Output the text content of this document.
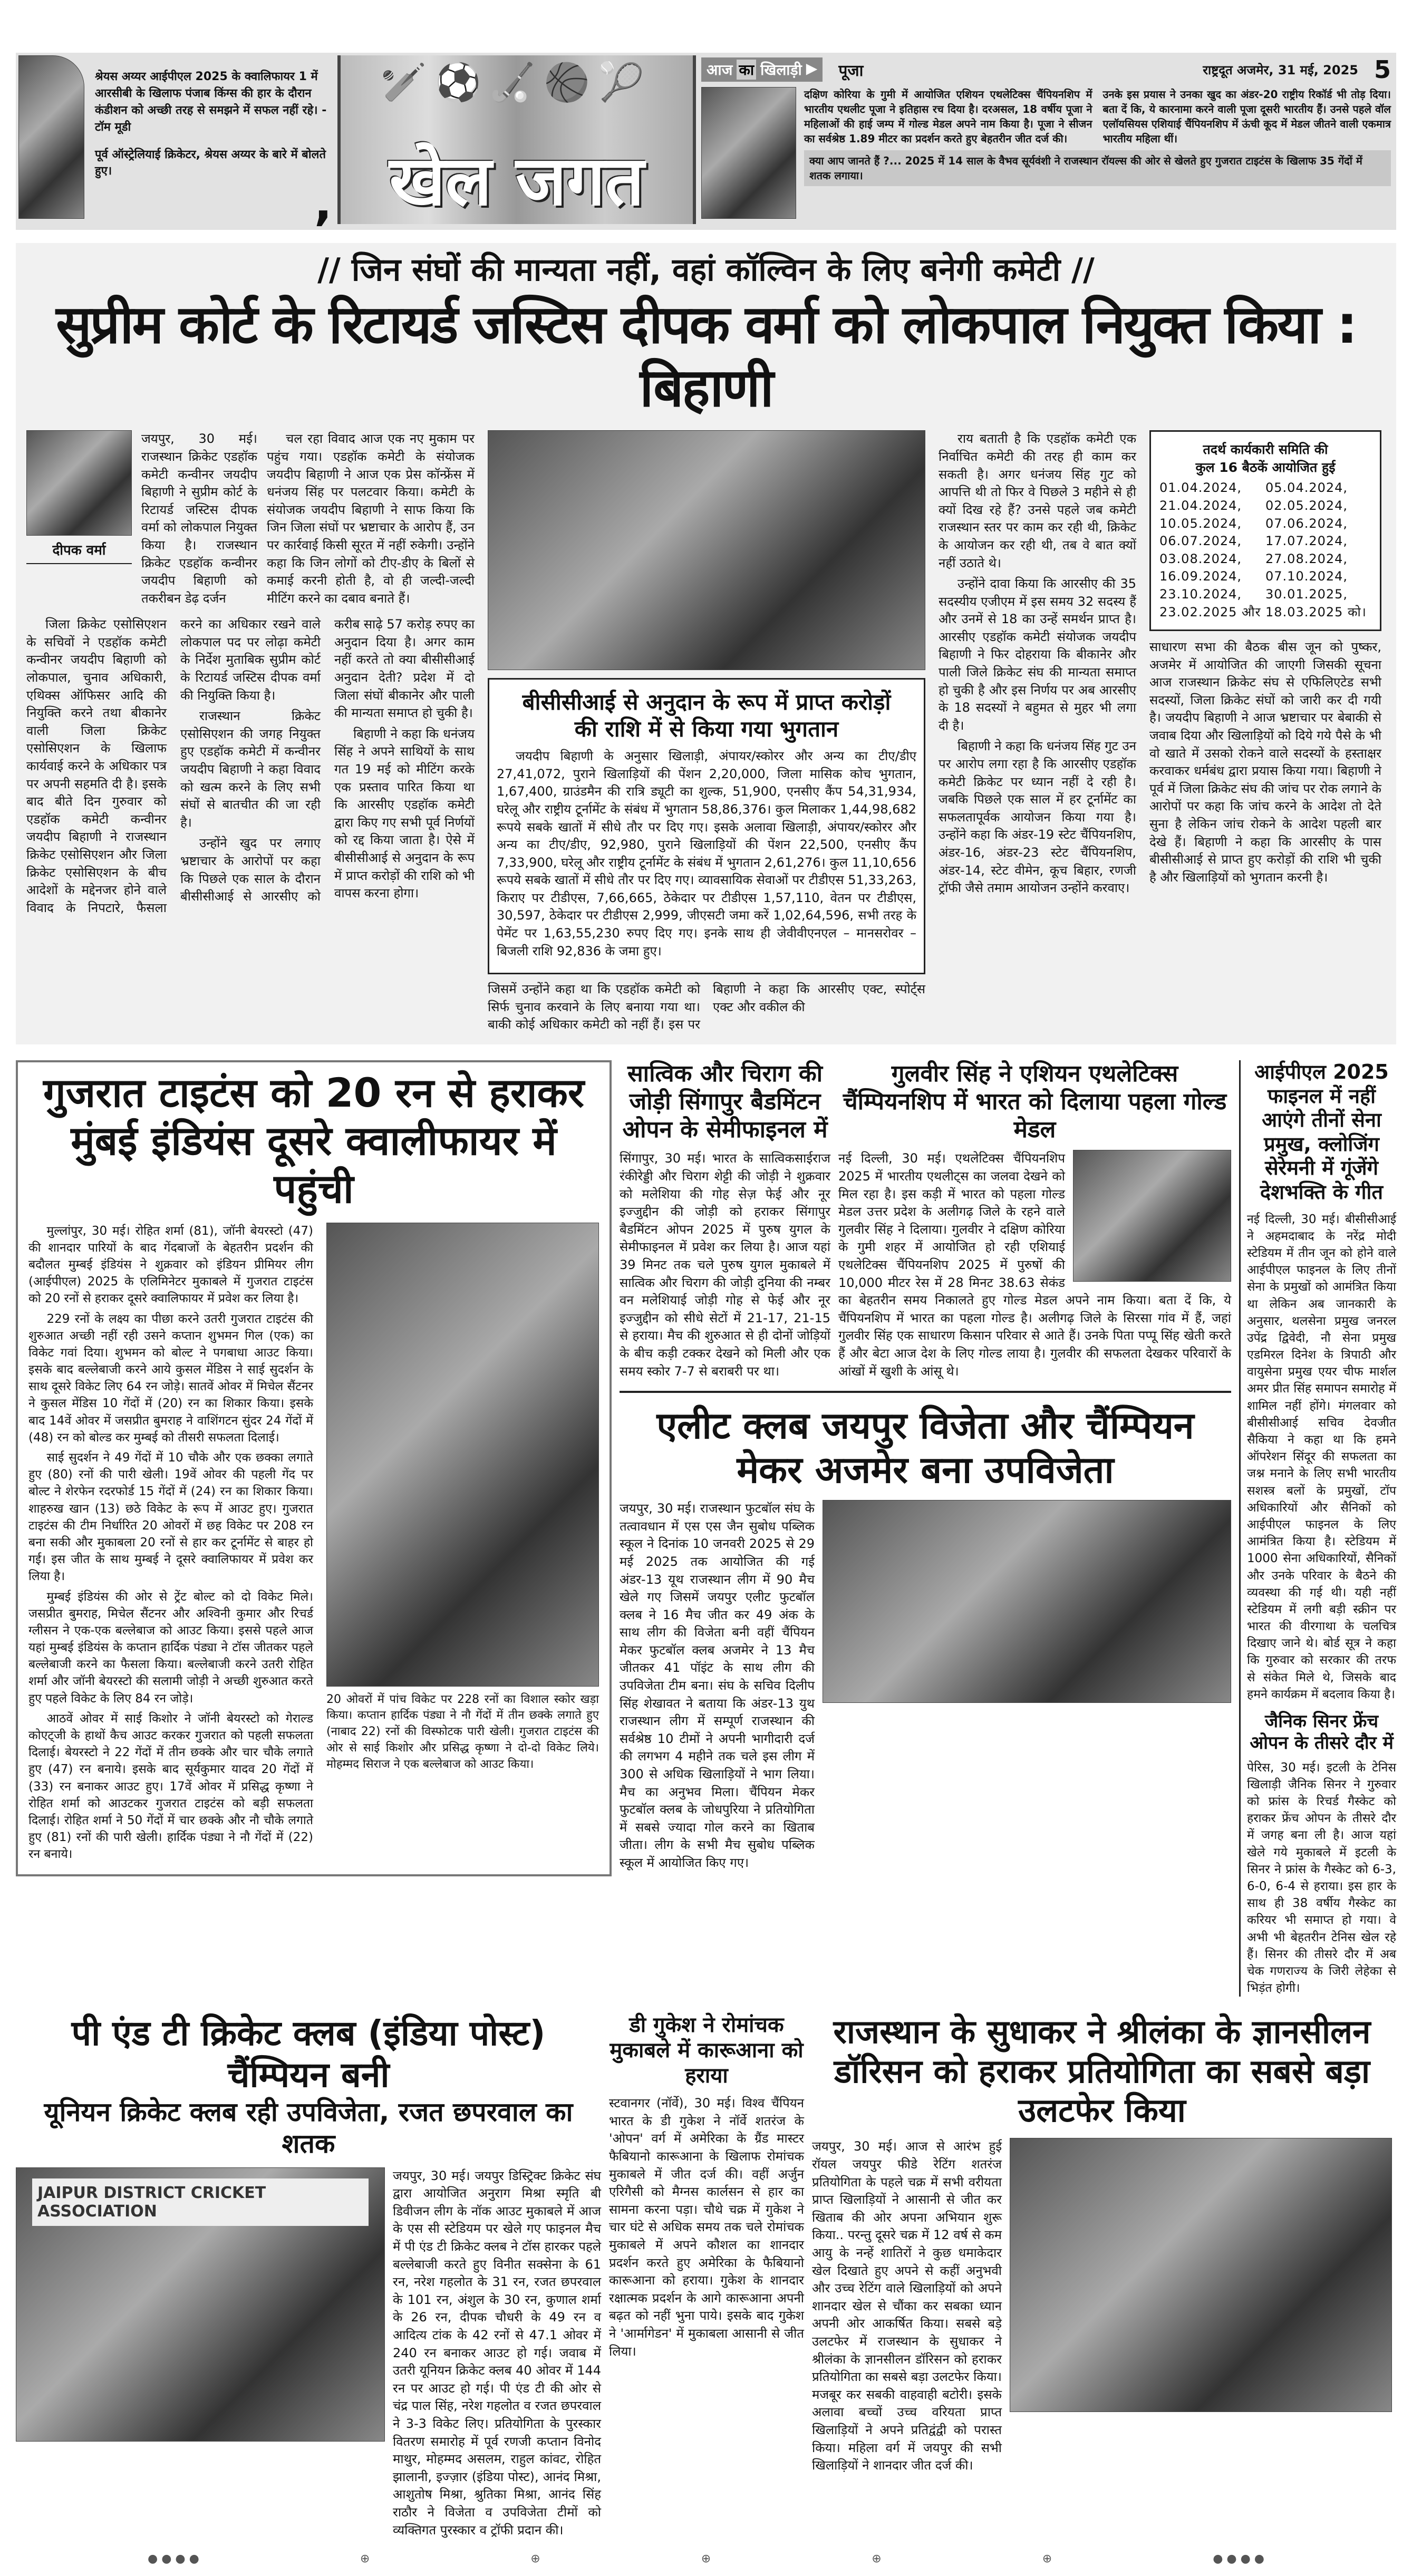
श्रेयस अय्यर आईपीएल 2025 के क्वालिफायर 1 में आरसीबी के खिलाफ पंजाब किंग्स की हार के दौरान कंडीशन को अच्छी तरह से समझने में सफल नहीं रहे। - टॉम मूडी
पूर्व ऑस्ट्रेलियाई क्रिकेटर, श्रेयस अय्यर के बारे में बोलते हुए।
,
🏏⚽🏑🏀🎾
खेल जगत
आज का खिलाड़ी ▶ पूजा	राष्ट्रदूत अजमेर, 31 मई, 2025 5
दक्षिण कोरिया के गुमी में आयोजित एशियन एथलेटिक्स चैंपियनशिप में भारतीय एथलीट पूजा ने इतिहास रच दिया है। दरअसल, 18 वर्षीय पूजा ने महिलाओं की हाई जम्प में गोल्ड मेडल अपने नाम किया है। पूजा ने सीजन का सर्वश्रेष्ठ 1.89 मीटर का प्रदर्शन करते हुए बेहतरीन जीत दर्ज की।
उनके इस प्रयास ने उनका खुद का अंडर-20 राष्ट्रीय रिकॉर्ड भी तोड़ दिया। बता दें कि, ये कारनामा करने वाली पूजा दूसरी भारतीय हैं। उनसे पहले वॉल एलॉयसियस एशियाई चैंपियनशिप में ऊंची कूद में मेडल जीतने वाली एकमात्र भारतीय महिला थीं।
क्या आप जानते हैं ?... 2025 में 14 साल के वैभव सूर्यवंशी ने राजस्थान रॉयल्स की ओर से खेलते हुए गुजरात टाइटंस के खिलाफ 35 गेंदों में शतक लगाया।
// जिन संघों की मान्यता नहीं, वहां कॉल्विन के लिए बनेगी कमेटी //
सुप्रीम कोर्ट के रिटायर्ड जस्टिस दीपक वर्मा को लोकपाल नियुक्त किया : बिहाणी
दीपक वर्मा
जयपुर, 30 मई। राजस्थान क्रिकेट एडहॉक कमेटी कन्वीनर जयदीप बिहाणी ने सुप्रीम कोर्ट के रिटायर्ड जस्टिस दीपक वर्मा को लोकपाल नियुक्त किया है। राजस्थान क्रिकेट एडहॉक कन्वीनर जयदीप बिहाणी को तकरीबन डेढ़ दर्जन

चल रहा विवाद आज एक नए मुकाम पर पहुंच गया। एडहॉक कमेटी के संयोजक जयदीप बिहाणी ने आज एक प्रेस कॉन्फ्रेंस में धनंजय सिंह पर पलटवार किया। कमेटी के संयोजक जयदीप बिहाणी ने साफ किया कि जिन जिला संघों पर भ्रष्टाचार के आरोप हैं, उन पर कार्रवाई किसी सूरत में नहीं रुकेगी। उन्होंने कहा कि जिन लोगों को टीए-डीए के बिलों से कमाई करनी होती है, वो ही जल्दी-जल्दी मीटिंग करने का दबाव बनाते हैं।

जिला क्रिकेट एसोसिएशन के सचिवों ने एडहॉक कमेटी कन्वीनर जयदीप बिहाणी को लोकपाल, चुनाव अधिकारी, एथिक्स ऑफिसर आदि की नियुक्ति करने तथा बीकानेर वाली जिला क्रिकेट एसोसिएशन के खिलाफ कार्यवाई करने के अधिकार पत्र पर अपनी सहमति दी है। इसके बाद बीते दिन गुरुवार को एडहॉक कमेटी कन्वीनर जयदीप बिहाणी ने राजस्थान क्रिकेट एसोसिएशन और जिला क्रिकेट एसोसिएशन के बीच आदेशों के मद्देनजर होने वाले विवाद के निपटारे, फैसला करने का अधिकार रखने वाले लोकपाल पद पर लोढ़ा कमेटी के निर्देश मुताबिक सुप्रीम कोर्ट के रिटायर्ड जस्टिस दीपक वर्मा की नियुक्ति किया है।

राजस्थान क्रिकेट एसोसिएशन की जगह नियुक्त हुए एडहॉक कमेटी में कन्वीनर जयदीप बिहाणी ने कहा विवाद को खत्म करने के लिए सभी संघों से बातचीत की जा रही है।

उन्होंने खुद पर लगाए भ्रष्टाचार के आरोपों पर कहा कि पिछले एक साल के दौरान बीसीसीआई से आरसीए को करीब साढ़े 57 करोड़ रुपए का अनुदान दिया है। अगर काम नहीं करते तो क्या बीसीसीआई अनुदान देती? प्रदेश में दो जिला संघों बीकानेर और पाली की मान्यता समाप्त हो चुकी है।

बिहाणी ने कहा कि धनंजय सिंह ने अपने साथियों के साथ गत 19 मई को मीटिंग करके एक प्रस्ताव पारित किया था कि आरसीए एडहॉक कमेटी द्वारा किए गए सभी पूर्व निर्णयों को रद्द किया जाता है। ऐसे में बीसीसीआई से अनुदान के रूप में प्राप्त करोड़ों की राशि को भी वापस करना होगा।

बीसीसीआई से अनुदान के रूप में प्राप्त करोड़ों की राशि में से किया गया भुगतान

जयदीप बिहाणी के अनुसार खिलाड़ी, अंपायर/स्कोरर और अन्य का टीए/डीए 27,41,072, पुराने खिलाड़ियों की पेंशन 2,20,000, जिला मासिक कोच भुगतान, 1,67,400, ग्राउंडमैन की रात्रि ड्यूटी का शुल्क, 51,900, एनसीए कैंप 54,31,934, घरेलू और राष्ट्रीय टूर्नामेंट के संबंध में भुगतान 58,86,376। कुल मिलाकर 1,44,98,682 रूपये सबके खातों में सीधे तौर पर दिए गए। इसके अलावा खिलाड़ी, अंपायर/स्कोरर और अन्य का टीए/डीए, 92,980, पुराने खिलाड़ियों की पेंशन 22,500, एनसीए कैंप 7,33,900, घरेलू और राष्ट्रीय टूर्नामेंट के संबंध में भुगतान 2,61,276। कुल 11,10,656 रूपये सबके खातों में सीधे तौर पर दिए गए। व्यावसायिक सेवाओं पर टीडीएस 51,33,263, किराए पर टीडीएस, 7,66,665, ठेकेदार पर टीडीएस 1,57,110, वेतन पर टीडीएस, 30,597, ठेकेदार पर टीडीएस 2,999, जीएसटी जमा करें 1,02,64,596, सभी तरह के पेमेंट पर 1,63,55,230 रुपए दिए गए। इनके साथ ही जेवीवीएनएल – मानसरोवर – बिजली राशि 92,836 के जमा हुए।

जिसमें उन्होंने कहा था कि एडहॉक कमेटी को सिर्फ चुनाव करवाने के लिए बनाया गया था। बाकी कोई अधिकार कमेटी को नहीं हैं। इस पर बिहाणी ने कहा कि आरसीए एक्ट, स्पोर्ट्स एक्ट और वकील की

राय बताती है कि एडहॉक कमेटी एक निर्वाचित कमेटी की तरह ही काम कर सकती है। अगर धनंजय सिंह गुट को आपत्ति थी तो फिर वे पिछले 3 महीने से ही क्यों दिख रहे हैं? उनसे पहले जब कमेटी राजस्थान स्तर पर काम कर रही थी, क्रिकेट के आयोजन कर रही थी, तब वे बात क्यों नहीं उठाते थे।

उन्होंने दावा किया कि आरसीए की 35 सदस्यीय एजीएम में इस समय 32 सदस्य हैं और उनमें से 18 का उन्हें समर्थन प्राप्त है। आरसीए एडहॉक कमेटी संयोजक जयदीप बिहाणी ने फिर दोहराया कि बीकानेर और पाली जिले क्रिकेट संघ की मान्यता समाप्त हो चुकी है और इस निर्णय पर अब आरसीए के 18 सदस्यों ने बहुमत से मुहर भी लगा दी है।

बिहाणी ने कहा कि धनंजय सिंह गुट उन पर आरोप लगा रहा है कि आरसीए एडहॉक कमेटी क्रिकेट पर ध्यान नहीं दे रही है। जबकि पिछले एक साल में हर टूर्नामेंट का सफलतापूर्वक आयोजन किया गया है। उन्होंने कहा कि अंडर-19 स्टेट चैंपियनशिप, अंडर-16, अंडर-23 स्टेट चैंपियनशिप, अंडर-14, स्टेट वीमेन, कूच बिहार, रणजी ट्रॉफी जैसे तमाम आयोजन उन्होंने करवाए।

तदर्थ कार्यकारी समिति की
कुल 16 बैठकें आयोजित हुई
01.04.2024,	05.04.2024,
21.04.2024,	02.05.2024,
10.05.2024,	07.06.2024,
06.07.2024,	17.07.2024,
03.08.2024,	27.08.2024,
16.09.2024,	07.10.2024,
23.10.2024,	30.01.2025,
23.02.2025 और 18.03.2025 को।
साधारण सभा की बैठक बीस जून को पुष्कर, अजमेर में आयोजित की जाएगी जिसकी सूचना आज राजस्थान क्रिकेट संघ से एफिलिएटेड सभी सदस्यों, जिला क्रिकेट संघों को जारी कर दी गयी है। जयदीप बिहाणी ने आज भ्रष्टाचार पर बेबाकी से जवाब दिया और खिलाड़ियों को दिये गये पैसे के भी वो खाते में उसको रोकने वाले सदस्यों के हस्ताक्षर करवाकर धर्मबंध द्वारा प्रयास किया गया। बिहाणी ने पूर्व में जिला क्रिकेट संघ की जांच पर रोक लगाने के आरोपों पर कहा कि जांच करने के आदेश तो देते सुना है लेकिन जांच रोकने के आदेश पहली बार देखे हैं। बिहाणी ने कहा कि आरसीए के पास बीसीसीआई से प्राप्त हुए करोड़ों की राशि भी चुकी है और खिलाड़ियों को भुगतान करनी है।
गुजरात टाइटंस को 20 रन से हराकर मुंबई इंडियंस दूसरे क्वालीफायर में पहुंची

मुल्लांपुर, 30 मई। रोहित शर्मा (81), जॉनी बेयरस्टो (47) की शानदार पारियों के बाद गेंदबाजों के बेहतरीन प्रदर्शन की बदौलत मुम्बई इंडियंस ने शुक्रवार को इंडियन प्रीमियर लीग (आईपीएल) 2025 के एलिमिनेटर मुकाबले में गुजरात टाइटंस को 20 रनों से हराकर दूसरे क्वालिफायर में प्रवेश कर लिया है।

229 रनों के लक्ष्य का पीछा करने उतरी गुजरात टाइटंस की शुरुआत अच्छी नहीं रही उसने कप्तान शुभमन गिल (एक) का विकेट गवां दिया। शुभमन को बोल्ट ने पगबाधा आउट किया। इसके बाद बल्लेबाजी करने आये कुसल मेंडिस ने साई सुदर्शन के साथ दूसरे विकेट लिए 64 रन जोड़े। सातवें ओवर में मिचेल सैंटनर ने कुसल मेंडिस 10 गेंदों में (20) रन का शिकार किया। इसके बाद 14वें ओवर में जसप्रीत बुमराह ने वाशिंगटन सुंदर 24 गेंदों में (48) रन को बोल्ड कर मुम्बई को तीसरी सफलता दिलाई।

साई सुदर्शन ने 49 गेंदों में 10 चौके और एक छक्का लगाते हुए (80) रनों की पारी खेली। 19वें ओवर की पहली गेंद पर बोल्ट ने शेरफेन रदरफोर्ड 15 गेंदों में (24) रन का शिकार किया। शाहरुख खान (13) छठे विकेट के रूप में आउट हुए। गुजरात टाइटंस की टीम निर्धारित 20 ओवरों में छह विकेट पर 208 रन बना सकी और मुकाबला 20 रनों से हार कर टूर्नामेंट से बाहर हो गई। इस जीत के साथ मुम्बई ने दूसरे क्वालिफायर में प्रवेश कर लिया है।

मुम्बई इंडियंस की ओर से ट्रेंट बोल्ट को दो विकेट मिले। जसप्रीत बुमराह, मिचेल सैंटनर और अश्विनी कुमार और रिचर्ड ग्लीसन ने एक-एक बल्लेबाज को आउट किया। इससे पहले आज यहां मुम्बई इंडियंस के कप्तान हार्दिक पंड्या ने टॉस जीतकर पहले बल्लेबाजी करने का फैसला किया। बल्लेबाजी करने उतरी रोहित शर्मा और जॉनी बेयरस्टो की सलामी जोड़ी ने अच्छी शुरुआत करते हुए पहले विकेट के लिए 84 रन जोड़े।

आठवें ओवर में साई किशोर ने जॉनी बेयरस्टो को गेराल्ड कोएट्जी के हाथों कैच आउट करकर गुजरात को पहली सफलता दिलाई। बेयरस्टो ने 22 गेंदों में तीन छक्के और चार चौके लगाते हुए (47) रन बनाये। इसके बाद सूर्यकुमार यादव 20 गेंदों में (33) रन बनाकर आउट हुए। 17वें ओवर में प्रसिद्ध कृष्णा ने रोहित शर्मा को आउटकर गुजरात टाइटंस को बड़ी सफलता दिलाई। रोहित शर्मा ने 50 गेंदों में चार छक्के और नौ चौके लगाते हुए (81) रनों की पारी खेली। हार्दिक पंड्या ने नौ गेंदों में (22) रन बनाये।

20 ओवरों में पांच विकेट पर 228 रनों का विशाल स्कोर खड़ा किया। कप्तान हार्दिक पंड्या ने नौ गेंदों में तीन छक्के लगाते हुए (नाबाद 22) रनों की विस्फोटक पारी खेली। गुजरात टाइटंस की ओर से साई किशोर और प्रसिद्ध कृष्णा ने दो-दो विकेट लिये। मोहम्मद सिराज ने एक बल्लेबाज को आउट किया।
सात्विक और चिराग की जोड़ी सिंगापुर बैडमिंटन ओपन के सेमीफाइनल में
सिंगापुर, 30 मई। भारत के सात्विकसाईराज रंकीरेड्डी और चिराग शेट्टी की जोड़ी ने शुक्रवार को मलेशिया की गोह सेज़ फेई और नूर इज्जुद्दीन की जोड़ी को हराकर सिंगापुर बैडमिंटन ओपन 2025 में पुरुष युगल के सेमीफाइनल में प्रवेश कर लिया है। आज यहां 39 मिनट तक चले पुरुष युगल मुकाबले में सात्विक और चिराग की जोड़ी दुनिया की नम्बर वन मलेशियाई जोड़ी गोह से फेई और नूर इज्जुद्दीन को सीधे सेटों में 21-17, 21-15 से हराया। मैच की शुरुआत से ही दोनों जोड़ियों के बीच कड़ी टक्कर देखने को मिली और एक समय स्कोर 7-7 से बराबरी पर था।
गुलवीर सिंह ने एशियन एथलेटिक्स चैंम्पियनशिप में भारत को दिलाया पहला गोल्ड मेडल
नई दिल्ली, 30 मई। एथलेटिक्स चैंपियनशिप 2025 में भारतीय एथलीट्स का जलवा देखने को मिल रहा है। इस कड़ी में भारत को पहला गोल्ड मेडल उत्तर प्रदेश के अलीगढ़ जिले के रहने वाले गुलवीर सिंह ने दिलाया। गुलवीर ने दक्षिण कोरिया के गुमी शहर में आयोजित हो रही एशियाई एथलेटिक्स चैंपियनशिप 2025 में पुरुषों की 10,000 मीटर रेस में 28 मिनट 38.63 सेकंड का बेहतरीन समय निकालते हुए गोल्ड मेडल अपने नाम किया। बता दें कि, ये चैंपियनशिप में भारत का पहला गोल्ड है। अलीगढ़ जिले के सिरसा गांव में हैं, जहां गुलवीर सिंह एक साधारण किसान परिवार से आते हैं। उनके पिता पप्पू सिंह खेती करते हैं और बेटा आज देश के लिए गोल्ड लाया है। गुलवीर की सफलता देखकर परिवारों के आंखों में खुशी के आंसू थे।
एलीट क्लब जयपुर विजेता और चैंम्पियन मेकर अजमेर बना उपविजेता
जयपुर, 30 मई। राजस्थान फुटबॉल संघ के तत्वावधान में एस एस जैन सुबोध पब्लिक स्कूल ने दिनांक 10 जनवरी 2025 से 29 मई 2025 तक आयोजित की गई अंडर-13 यूथ राजस्थान लीग में 90 मैच खेले गए जिसमें जयपुर एलीट फुटबॉल क्लब ने 16 मैच जीत कर 49 अंक के साथ लीग की विजेता बनी वहीं चैंपियन मेकर फुटबॉल क्लब अजमेर ने 13 मैच जीतकर 41 पॉइंट के साथ लीग की उपविजेता टीम बना। संघ के सचिव दिलीप सिंह शेखावत ने बताया कि अंडर-13 युथ राजस्थान लीग में सम्पूर्ण राजस्थान की सर्वश्रेष्ठ 10 टीमों ने अपनी भागीदारी दर्ज की लगभग 4 महीने तक चले इस लीग में 300 से अधिक खिलाड़ियों ने भाग लिया। मैच का अनुभव मिला। चैंपियन मेकर फुटबॉल क्लब के जोधपुरिया ने प्रतियोगिता में सबसे ज्यादा गोल करने का खिताब जीता। लीग के सभी मैच सुबोध पब्लिक स्कूल में आयोजित किए गए।
आईपीएल 2025 फाइनल में नहीं आएंगे तीनों सेना प्रमुख, क्लोजिंग सेरेमनी में गूंजेंगे देशभक्ति के गीत
नई दिल्ली, 30 मई। बीसीसीआई ने अहमदाबाद के नरेंद्र मोदी स्टेडियम में तीन जून को होने वाले आईपीएल फाइनल के लिए तीनों सेना के प्रमुखों को आमंत्रित किया था लेकिन अब जानकारी के अनुसार, थलसेना प्रमुख जनरल उपेंद्र द्विवेदी, नौ सेना प्रमुख एडमिरल दिनेश के त्रिपाठी और वायुसेना प्रमुख एयर चीफ मार्शल अमर प्रीत सिंह समापन समारोह में शामिल नहीं होंगे। मंगलवार को बीसीसीआई सचिव देवजीत सैकिया ने कहा था कि हमने ऑपरेशन सिंदूर की सफलता का जश्न मनाने के लिए सभी भारतीय सशस्त्र बलों के प्रमुखों, टॉप अधिकारियों और सैनिकों को आईपीएल फाइनल के लिए आमंत्रित किया है। स्टेडियम में 1000 सेना अधिकारियों, सैनिकों और उनके परिवार के बैठने की व्यवस्था की गई थी। यही नहीं स्टेडियम में लगी बड़ी स्क्रीन पर भारत की वीरगाथा के चलचित्र दिखाए जाने थे। बोर्ड सूत्र ने कहा कि गुरुवार को सरकार की तरफ से संकेत मिले थे, जिसके बाद हमने कार्यक्रम में बदलाव किया है।
जैनिक सिनर फ्रेंच ओपन के तीसरे दौर में
पेरिस, 30 मई। इटली के टेनिस खिलाड़ी जैनिक सिनर ने गुरुवार को फ्रांस के रिचर्ड गैस्केट को हराकर फ्रेंच ओपन के तीसरे दौर में जगह बना ली है। आज यहां खेले गये मुकाबले में इटली के सिनर ने फ्रांस के गैस्केट को 6-3, 6-0, 6-4 से हराया। इस हार के साथ ही 38 वर्षीय गैस्केट का करियर भी समाप्त हो गया। वे अभी भी बेहतरीन टेनिस खेल रहे हैं। सिनर की तीसरे दौर में अब चेक गणराज्य के जिरी लेहेका से भिड़ंत होगी।
पी एंड टी क्रिकेट क्लब (इंडिया पोस्ट) चैंम्पियन बनी
यूनियन क्रिकेट क्लब रही उपविजेता, रजत छपरवाल का शतक
JAIPUR DISTRICT CRICKET ASSOCIATION
जयपुर, 30 मई। जयपुर डिस्ट्रिक्ट क्रिकेट संघ द्वारा आयोजित अनुराग मिश्रा स्मृति बी डिवीजन लीग के नॉक आउट मुकाबले में आज के एस सी स्टेडियम पर खेले गए फाइनल मैच में पी एंड टी क्रिकेट क्लब ने टॉस हारकर पहले बल्लेबाजी करते हुए विनीत सक्सेना के 61 रन, नरेश गहलोत के 31 रन, रजत छपरवाल के 101 रन, अंशुल के 30 रन, कुणाल शर्मा के 26 रन, दीपक चौधरी के 49 रन व आदित्य टांक के 42 रनों से 47.1 ओवर में 240 रन बनाकर आउट हो गई। जवाब में उतरी यूनियन क्रिकेट क्लब 40 ओवर में 144 रन पर आउट हो गई। पी एंड टी की ओर से चंद्र पाल सिंह, नरेश गहलोत व रजत छपरवाल ने 3-3 विकेट लिए। प्रतियोगिता के पुरस्कार वितरण समारोह में पूर्व रणजी कप्तान विनोद माथुर, मोहम्मद असलम, राहुल कांवट, रोहित झालानी, इज्ज़ार (इंडिया पोस्ट), आनंद मिश्रा, आशुतोष मिश्रा, श्रुतिका मिश्रा, आनंद सिंह राठौर ने विजेता व उपविजेता टीमों को व्यक्तिगत पुरस्कार व ट्रॉफी प्रदान की।
डी गुकेश ने रोमांचक मुकाबले में कारूआना को हराया
स्टवानगर (नॉर्वे), 30 मई। विश्व चैंपियन भारत के डी गुकेश ने नॉर्वे शतरंज के 'ओपन' वर्ग में अमेरिका के ग्रैंड मास्टर फैबियानो कारूआना के खिलाफ रोमांचक मुकाबले में जीत दर्ज की। वहीं अर्जुन एरिगैसी को मैग्नस कार्लसन से हार का सामना करना पड़ा। चौथे चक्र में गुकेश ने चार घंटे से अधिक समय तक चले रोमांचक मुकाबले में अपने कौशल का शानदार प्रदर्शन करते हुए अमेरिका के फैबियानो कारूआना को हराया। गुकेश के शानदार रक्षात्मक प्रदर्शन के आगे कारूआना अपनी बढ़त को नहीं भुना पाये। इसके बाद गुकेश ने 'आर्मागेडन' में मुकाबला आसानी से जीत लिया।
राजस्थान के सुधाकर ने श्रीलंका के ज्ञानसीलन डॉरिसन को हराकर प्रतियोगिता का सबसे बड़ा उलटफेर किया
जयपुर, 30 मई। आज से आरंभ हुई रॉयल जयपुर फीडे रेटिंग शतरंज प्रतियोगिता के पहले चक्र में सभी वरीयता प्राप्त खिलाड़ियों ने आसानी से जीत कर खिताब की ओर अपना अभियान शुरू किया.. परन्तु दूसरे चक्र में 12 वर्ष से कम आयु के नन्हें शातिरों ने कुछ धमाकेदार खेल दिखाते हुए अपने से कहीं अनुभवी और उच्च रेटिंग वाले खिलाड़ियों को अपने शानदार खेल से चौंका कर सबका ध्यान अपनी ओर आकर्षित किया। सबसे बड़े उलटफेर में राजस्थान के सुधाकर ने श्रीलंका के ज्ञानसीलन डॉरिसन को हराकर प्रतियोगिता का सबसे बड़ा उलटफेर किया। मजबूर कर सबकी वाहवाही बटोरी। इसके अलावा बच्चों उच्च वरियता प्राप्त खिलाड़ियों ने अपने प्रतिद्वंद्वी को परास्त किया। महिला वर्ग में जयपुर की सभी खिलाड़ियों ने शानदार जीत दर्ज की।
● ● ● ●	⊕	⊕	⊕	⊕	⊕	● ● ● ●
